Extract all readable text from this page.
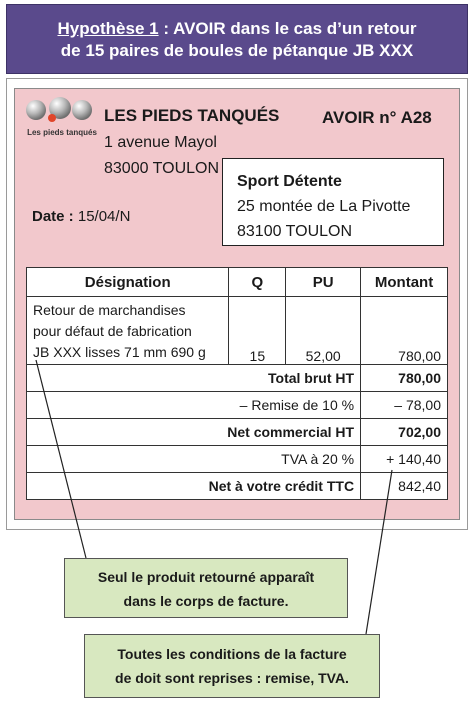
Hypothèse 1 : AVOIR dans le cas d’un retour
de 15 paires de boules de pétanque JB XXX
Les pieds tanqués
LES PIEDS TANQUÉS
1 avenue Mayol
83000 TOULON
AVOIR n° A28
Date : 15/04/N
Sport Détente
25 montée de La Pivotte
83100 TOULON
Désignation	Q	PU	Montant

Retour de marchandises
pour défaut de fabrication
JB XXX lisses 71 mm 690 g	15	52,00	780,00
Total brut HT			780,00
– Remise de 10 %			– 78,00
Net commercial HT			702,00
TVA à 20 %			+ 140,40
Net à votre crédit TTC			842,40
Seul le produit retourné apparaît
dans le corps de facture.
Toutes les conditions de la facture
de doit sont reprises : remise, TVA.
